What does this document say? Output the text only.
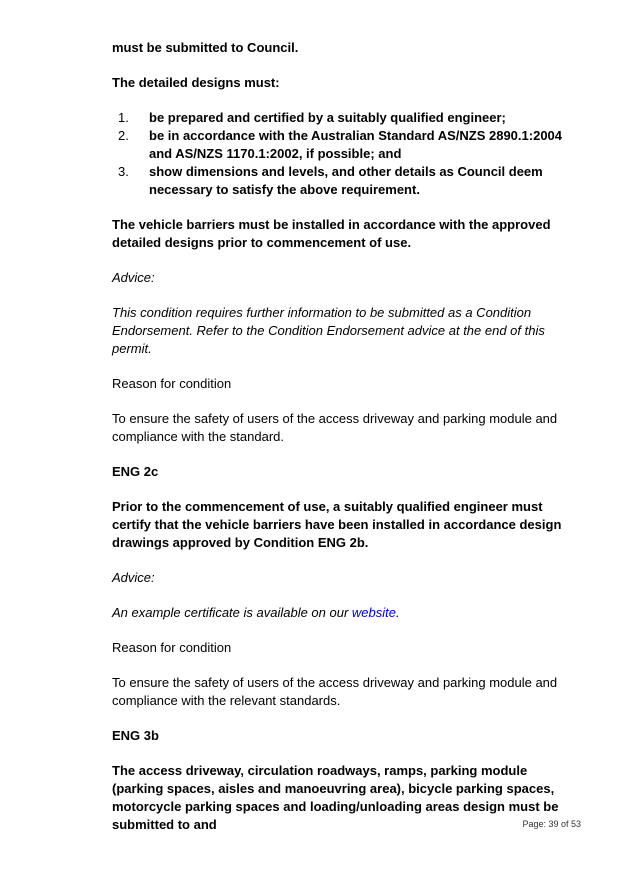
must be submitted to Council.

The detailed designs must:

1. be prepared and certified by a suitably qualified engineer;
2. be in accordance with the Australian Standard AS/NZS 2890.1:2004 and AS/NZS 1170.1:2002, if possible; and
3. show dimensions and levels, and other details as Council deem necessary to satisfy the above requirement.

The vehicle barriers must be installed in accordance with the approved detailed designs prior to commencement of use.

Advice:

This condition requires further information to be submitted as a Condition Endorsement. Refer to the Condition Endorsement advice at the end of this permit.

Reason for condition

To ensure the safety of users of the access driveway and parking module and compliance with the standard.

ENG 2c

Prior to the commencement of use, a suitably qualified engineer must certify that the vehicle barriers have been installed in accordance design drawings approved by Condition ENG 2b.

Advice:

An example certificate is available on our website.

Reason for condition

To ensure the safety of users of the access driveway and parking module and compliance with the relevant standards.

ENG 3b

The access driveway, circulation roadways, ramps, parking module (parking spaces, aisles and manoeuvring area), bicycle parking spaces, motorcycle parking spaces and loading/unloading areas design must be submitted to and	Page: 39 of 53
